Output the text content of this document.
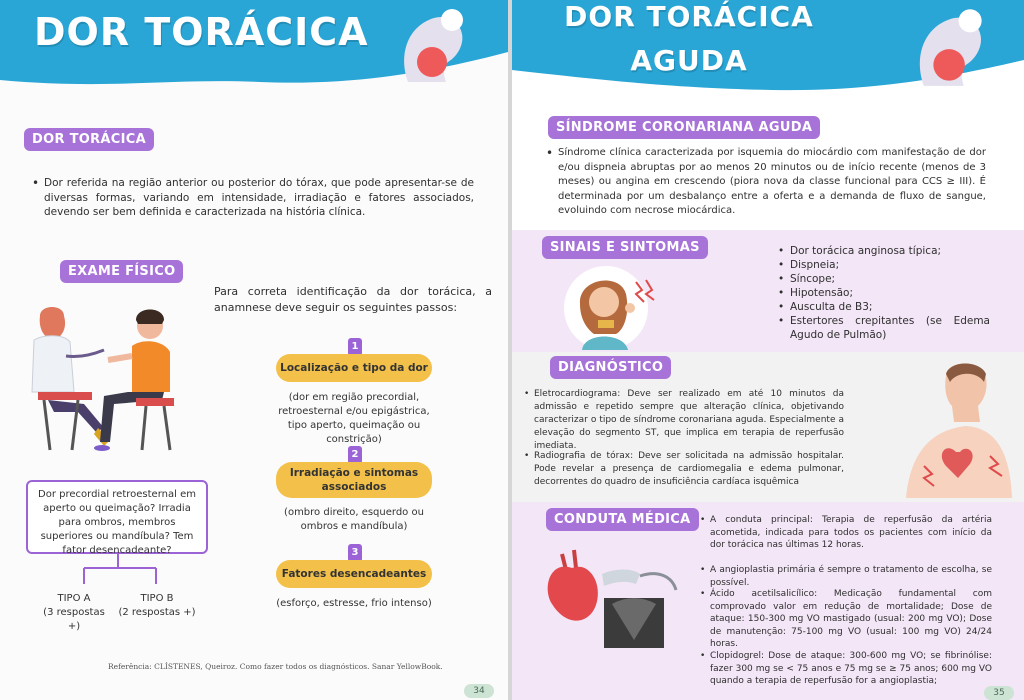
DOR TORÁCICA
DOR TORÁCICA
• Dor referida na região anterior ou posterior do tórax, que pode apresentar-se de diversas formas, variando em intensidade, irradiação e fatores associados, devendo ser bem definida e caracterizada na história clínica.
EXAME FÍSICO
Para correta identificação da dor torácica, a anamnese deve seguir os seguintes passos:
1
Localização e tipo da dor
(dor em região precordial, retroesternal e/ou epigástrica, tipo aperto, queimação ou constrição)
2
Irradiação e sintomas associados
(ombro direito, esquerdo ou ombros e mandíbula)
3
Fatores desencadeantes
(esforço, estresse, frio intenso)
Dor precordial retroesternal em aperto ou queimação? Irradia para ombros, membros superiores ou mandíbula? Tem fator desencadeante?
TIPO A
(3 respostas +)
TIPO B
(2 respostas +)
Referência: CLÍSTENES, Queiroz. Como fazer todos os diagnósticos. Sanar YellowBook.
34
DOR TORÁCICA
AGUDA
SÍNDROME CORONARIANA AGUDA
• Síndrome clínica caracterizada por isquemia do miocárdio com manifestação de dor e/ou dispneia abruptas por ao menos 20 minutos ou de início recente (menos de 3 meses) ou angina em crescendo (piora nova da classe funcional para CCS ≥ III). É determinada por um desbalanço entre a oferta e a demanda de fluxo de sangue, evoluindo com necrose miocárdica.
SINAIS E SINTOMAS
•	Dor torácica anginosa típica;
• Dispneia;
• Síncope;
• Hipotensão;
• Ausculta de B3;
• Estertores crepitantes (se Edema Agudo de Pulmão)
DIAGNÓSTICO
• Eletrocardiograma: Deve ser realizado em até 10 minutos da admissão e repetido sempre que alteração clínica, objetivando caracterizar o tipo de síndrome coronariana aguda. Especialmente a elevação do segmento ST, que implica em terapia de reperfusão imediata.
• Radiografia de tórax: Deve ser solicitada na admissão hospitalar. Pode revelar a presença de cardiomegalia e edema pulmonar, decorrentes do quadro de insuficiência cardíaca isquêmica
CONDUTA MÉDICA	• A conduta principal: Terapia de reperfusão da artéria acometida, indicada para todos os pacientes com início da dor torácica nas últimas 12 horas.
• A angioplastia primária é sempre o tratamento de escolha, se possível.
• Ácido acetilsalicílico: Medicação fundamental com comprovado valor em redução de mortalidade; Dose de ataque: 150-300 mg VO mastigado (usual: 200 mg VO); Dose de manutenção: 75-100 mg VO (usual: 100 mg VO) 24/24 horas.
• Clopidogrel: Dose de ataque: 300-600 mg VO; se fibrinólise: fazer 300 mg se < 75 anos e 75 mg se ≥ 75 anos; 600 mg VO quando a terapia de reperfusão for a angioplastia;
35
